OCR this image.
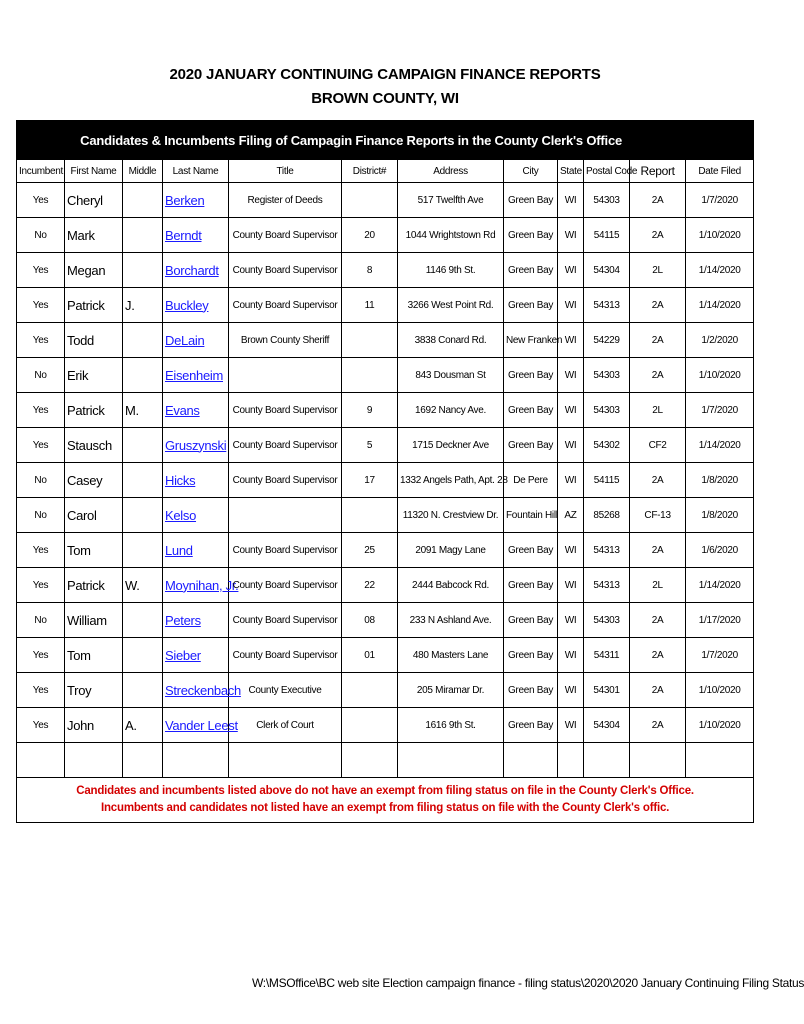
2020 JANUARY CONTINUING CAMPAIGN FINANCE REPORTS
BROWN COUNTY, WI
Candidates & Incumbents Filing of Campagin Finance Reports in the County Clerk's Office											
Incumbent	First Name	Middle	Last Name	Title	District#	Address	City	State	Postal Code	Report	Date Filed
Yes	Cheryl		Berken	Register of Deeds		517 Twelfth Ave	Green Bay	WI	54303	2A	1/7/2020
No	Mark		Berndt	County Board Supervisor	20	1044 Wrightstown Rd	Green Bay	WI	54115	2A	1/10/2020
Yes	Megan		Borchardt	County Board Supervisor	8	1146 9th St.	Green Bay	WI	54304	2L	1/14/2020
Yes	Patrick	J.	Buckley	County Board Supervisor	11	3266 West Point Rd.	Green Bay	WI	54313	2A	1/14/2020
Yes	Todd		DeLain	Brown County Sheriff		3838 Conard Rd.	New Franken	WI	54229	2A	1/2/2020
No	Erik		Eisenheim			843 Dousman St	Green Bay	WI	54303	2A	1/10/2020
Yes	Patrick	M.	Evans	County Board Supervisor	9	1692 Nancy Ave.	Green Bay	WI	54303	2L	1/7/2020
Yes	Stausch		Gruszynski	County Board Supervisor	5	1715 Deckner Ave	Green Bay	WI	54302	CF2	1/14/2020
No	Casey		Hicks	County Board Supervisor	17	1332 Angels Path, Apt. 28	De Pere	WI	54115	2A	1/8/2020
No	Carol		Kelso			11320 N. Crestview Dr.	Fountain Hill	AZ	85268	CF-13	1/8/2020
Yes	Tom		Lund	County Board Supervisor	25	2091 Magy Lane	Green Bay	WI	54313	2A	1/6/2020
Yes	Patrick	W.	Moynihan, Jr.	County Board Supervisor	22	2444 Babcock Rd.	Green Bay	WI	54313	2L	1/14/2020
No	William		Peters	County Board Supervisor	08	233 N Ashland Ave.	Green Bay	WI	54303	2A	1/17/2020
Yes	Tom		Sieber	County Board Supervisor	01	480 Masters Lane	Green Bay	WI	54311	2A	1/7/2020
Yes	Troy		Streckenbach	County Executive		205 Miramar Dr.	Green Bay	WI	54301	2A	1/10/2020
Yes	John	A.	Vander Leest	Clerk of Court		1616 9th St.	Green Bay	WI	54304	2A	1/10/2020

Candidates and incumbents listed above do not have an exempt from filing status on file in the County Clerk's Office.
Incumbents and candidates not listed have an exempt from filing status on file with the County Clerk's offic.											
W:\MSOffice\BC web site Election campaign finance - filing status\2020\2020 January Continuing Filing Status
